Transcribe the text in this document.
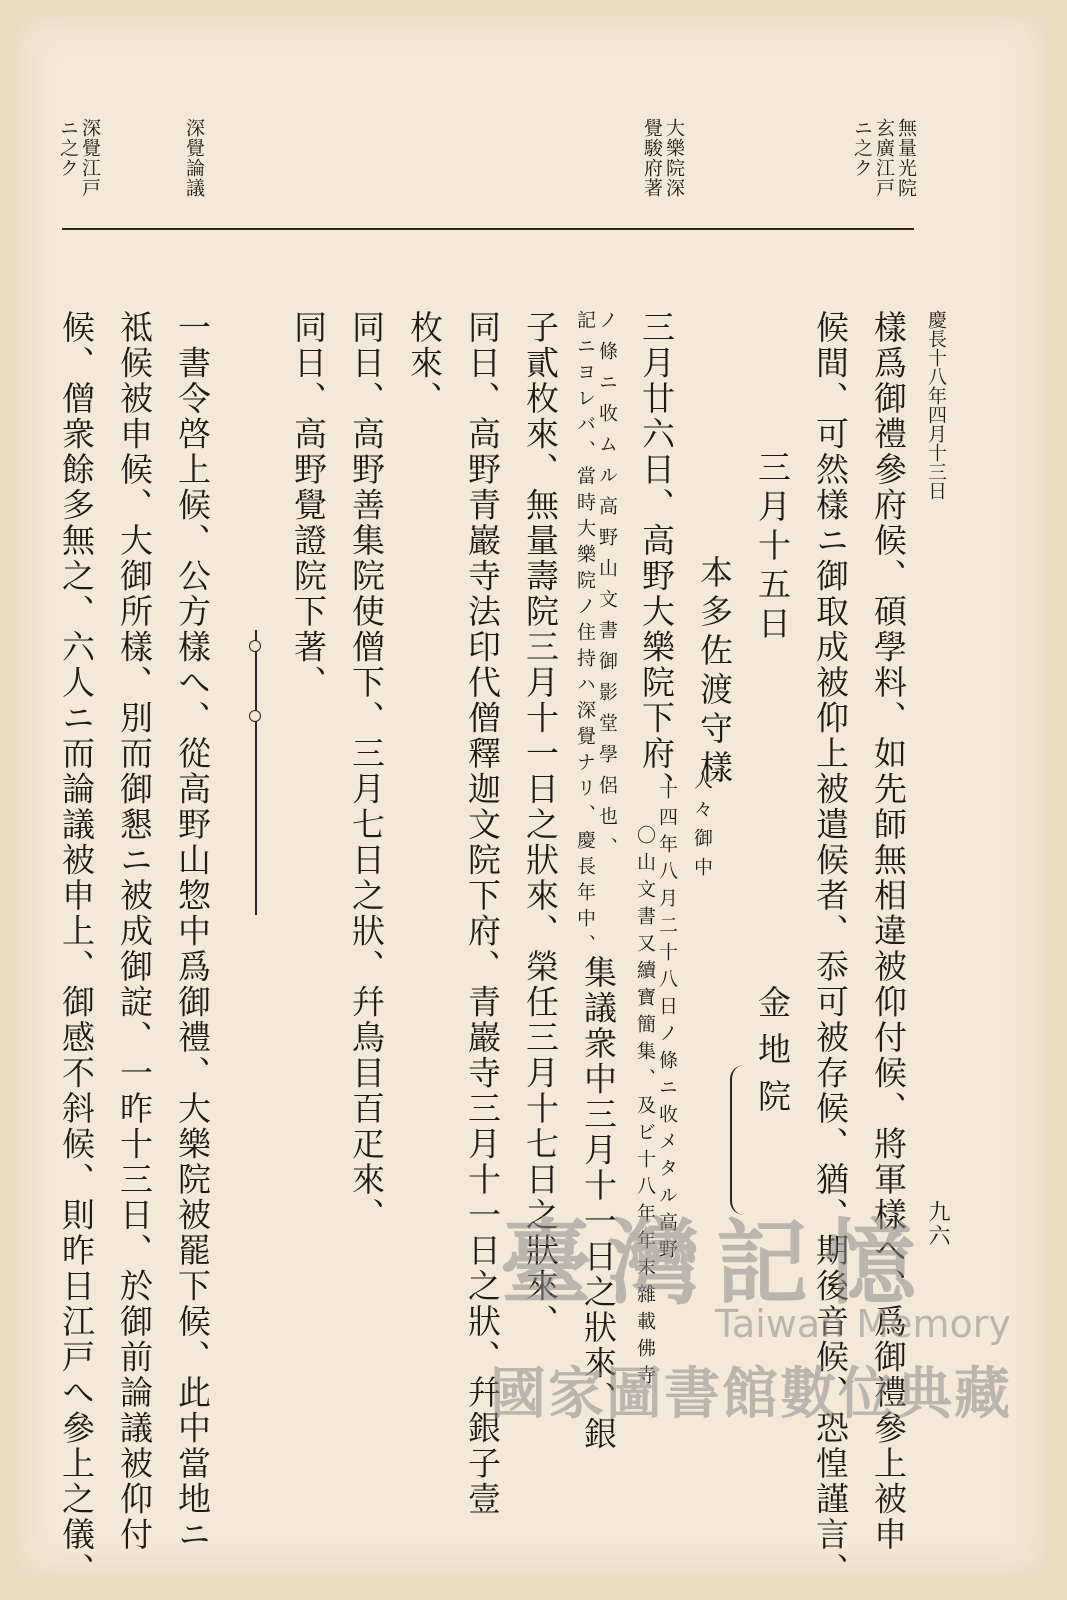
無量光院
玄廣江戸
ニ之ク
大樂院深
覺駿府著
深覺論議
深覺江戸
ニ之ク
慶長十八年四月十三日
九六
樣爲御禮參府候、碩學料、如先師無相違被仰付候、將軍樣へ、爲御禮參上被申
候間、可然樣ニ御取成被仰上被遣候者、忝可被存候、猶、期後音候、恐惶謹言、
三月十五日
金地院
本多佐渡守樣
人々御中
三月廿六日、高野大樂院下府、
〇山文書又續寶簡集、及ビ十八年年末雜載佛寺 十四年八月二十八日ノ條ニ收メタル高野
ノ條ニ收ムル高野山文書御影堂學侶也、
記ニヨレバ、當時大樂院ノ住持ハ深覺ナリ、慶長年中、
子貳枚來、無量壽院三月十一日之狀來、榮任三月十七日之狀來、 集議衆中三月十一日之狀來、銀
同日、高野青巖寺法印代僧釋迦文院下府、青巖寺三月十一日之狀、幷銀子壹
枚來、
同日、高野善集院使僧下、三月七日之狀、幷鳥目百疋來、
同日、高野覺證院下著、
一書令啓上候、公方樣へ、從高野山惣中爲御禮、大樂院被罷下候、此中當地ニ
祗候被申候、大御所樣、別而御懇ニ被成御諚、一昨十三日、於御前論議被仰付
候、僧衆餘多無之、六人ニ而論議被申上、御感不斜候、則昨日江戸へ參上之儀、	臺灣記憶
Taiwan Memory
國家圖書館數位典藏
